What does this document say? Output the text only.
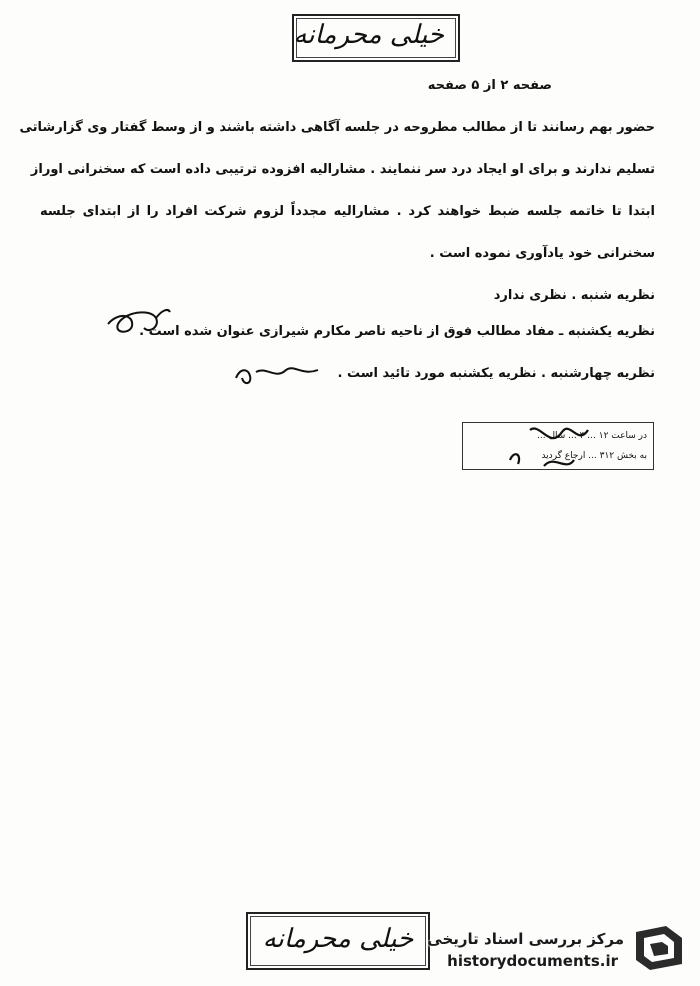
خیلی محرمانه
صفحه ۲ از ۵ صفحه
حضور بهم رسانند تا از مطالب مطروحه در جلسه آگاهی داشته باشند و از وسط گفتار وی گزارشاتی
تسلیم ندارند و برای او ایجاد درد سر ننمایند . مشارالیه افزوده ترتیبی داده است که سخنرانی اوراز
ابتدا تا خاتمه جلسه ضبط خواهند کرد . مشارالیه مجدداً لزوم شرکت افراد را از ابتدای جلسه
سخنرانی خود یادآوری نموده است .
نظریه شنبه . نظری ندارد
نظریه یکشنبه ـ مفاد مطالب فوق از ناحیه ناصر مکارم شیرازی عنوان شده است .
نظریه چهارشنبه . نظریه یکشنبه مورد تائید است .
در ساعت ۱۲ ... ۳ ... سال ...
به بخش ۳۱۲ ... ارجاع گردید
خیلی محرمانه مرکز بررسی اسناد تاریخی
historydocuments.ir
